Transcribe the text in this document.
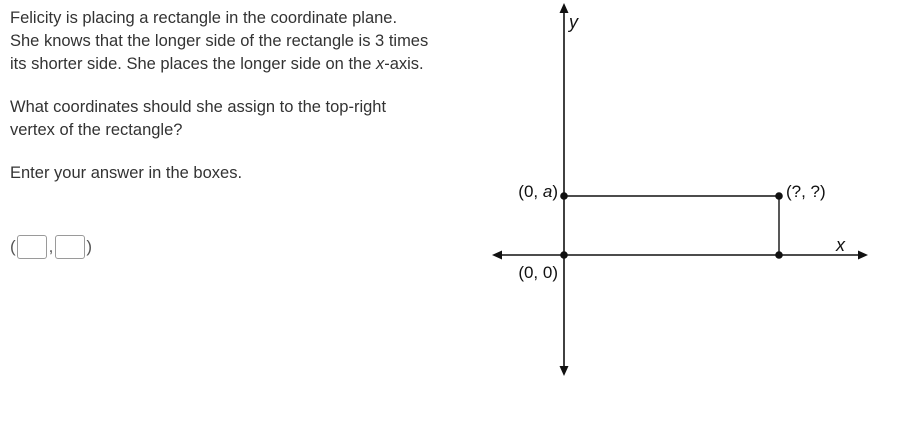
Felicity is placing a rectangle in the coordinate plane.
She knows that the longer side of the rectangle is 3 times
its shorter side. She places the longer side on the x-axis.

What coordinates should she assign to the top-right
vertex of the rectangle?

Enter your answer in the boxes.

( , )
y
x
(0, a)	(?, ?)
(0, 0)
